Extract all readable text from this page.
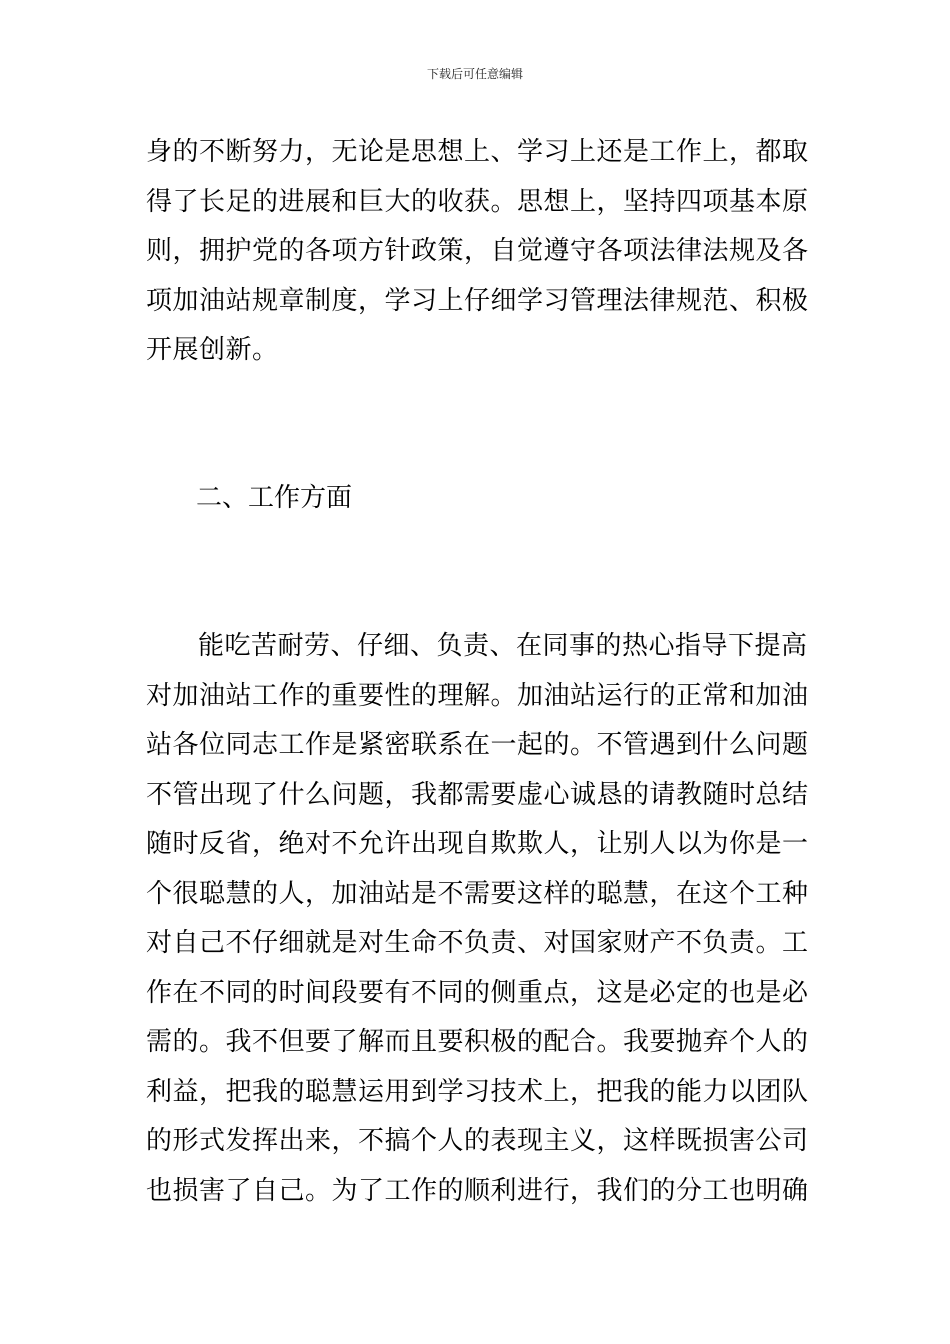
下载后可任意编辑

身的不断努力，无论是思想上、学习上还是工作上，都取得了长足的进展和巨大的收获。思想上，坚持四项基本原则，拥护党的各项方针政策，自觉遵守各项法律法规及各项加油站规章制度，学习上仔细学习管理法律规范、积极开展创新。

二、工作方面

能吃苦耐劳、仔细、负责、在同事的热心指导下提高对加油站工作的重要性的理解。加油站运行的正常和加油站各位同志工作是紧密联系在一起的。不管遇到什么问题不管出现了什么问题，我都需要虚心诚恳的请教随时总结随时反省，绝对不允许出现自欺欺人，让别人以为你是一个很聪慧的人，加油站是不需要这样的聪慧，在这个工种对自己不仔细就是对生命不负责、对国家财产不负责。工作在不同的时间段要有不同的侧重点，这是必定的也是必需的。我不但要了解而且要积极的配合。我要抛弃个人的利益，把我的聪慧运用到学习技术上，把我的能力以团队的形式发挥出来，不搞个人的表现主义，这样既损害公司也损害了自己。为了工作的顺利进行，我们的分工也明确
